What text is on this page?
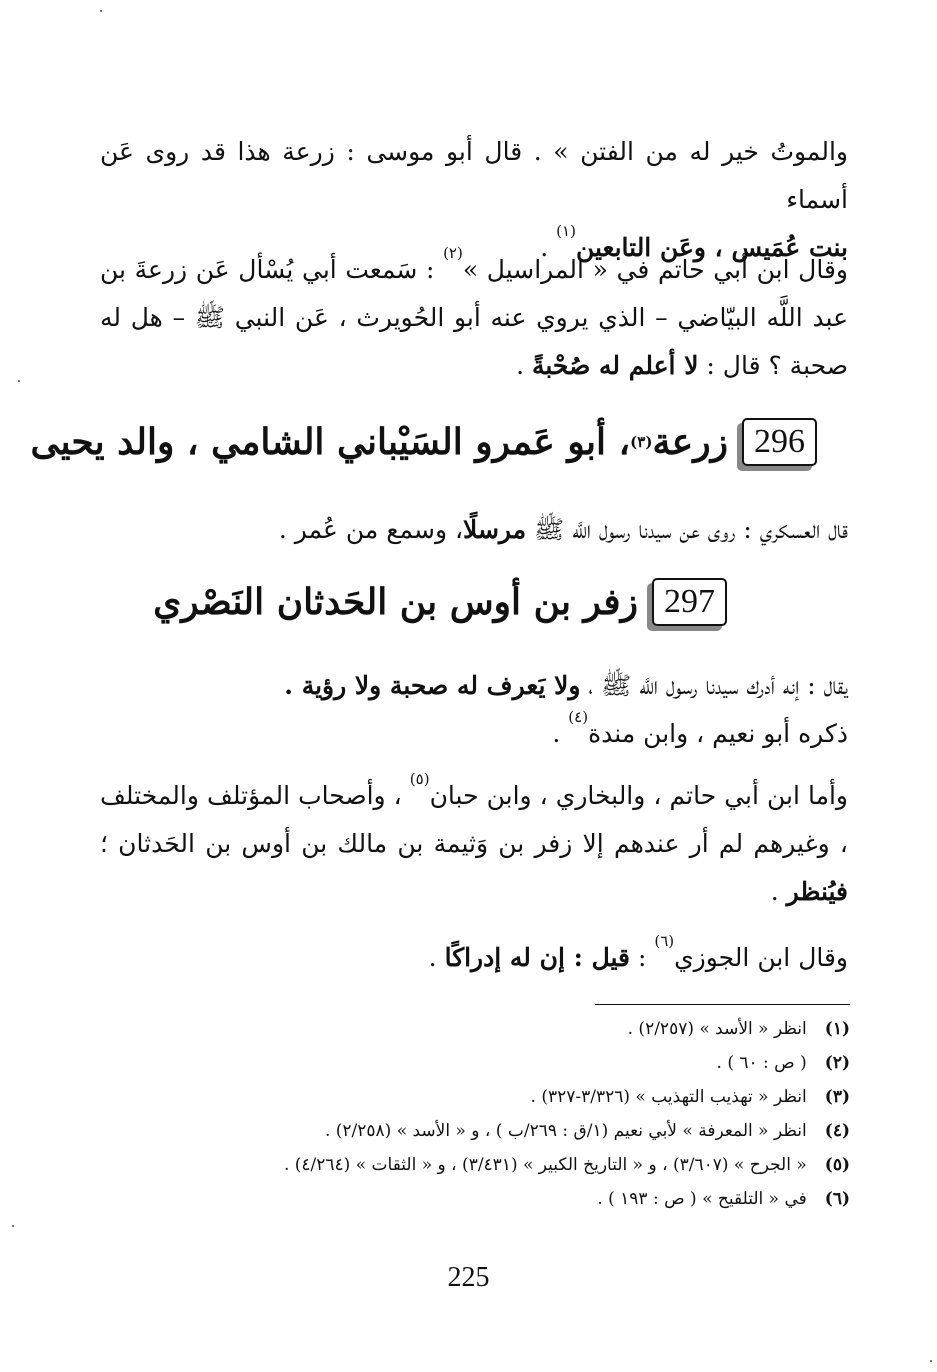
والموتُ خير له من الفتن » . قال أبو موسى : زرعة هذا قد روى عَن أسماء
بنت عُمَيس ، وعَن التابعين$^{(١)}$ .
وقال ابن أبي حاتم في « المراسيل »$^{(٢)}$ : سَمعت أبي يُسْأل عَن زرعةَ بن عبد اللَّه البيّاضي – الذي يروي عنه أبو الحُويرث ، عَن النبي ﷺ – هل له صحبة ؟ قال : لا أعلم له صُحْبةً .
296
زرعة
(٣)
، أبو عَمرو السَيْباني الشامي ، والد يحيى
قال العسكري : روى عن سيدنا رسول اللَّه ﷺ مرسلًا، وسمع من عُمر .
297
زفر بن أوس بن الحَدثان النَصْري
يقال : إنه أدرك سيدنا رسول اللَّه ﷺ ، ولا يَعرف له صحبة ولا رؤية .
ذكره أبو نعيم ، وابن مندة$^{(٤)}$ .
وأما ابن أبي حاتم ، والبخاري ، وابن حبان$^{(٥)}$ ، وأصحاب المؤتلف والمختلف ، وغيرهم لم أر عندهم إلا زفر بن وَثيمة بن مالك بن أوس بن الحَدثان ؛ فيُنظر .
وقال ابن الجوزي$^{(٦)}$ : قيل : إن له إدراكًا .
(١)انظر « الأسد » (٢/٢٥٧) .
(٢)( ص : ٦٠ ) .
(٣)انظر « تهذيب التهذيب » (٣/٣٢٦-٣٢٧) .
(٤)انظر « المعرفة » لأبي نعيم (١/ق : ٢٦٩/ب ) ، و « الأسد » (٢/٢٥٨) .
(٥)« الجرح » (٣/٦٠٧) ، و « التاريخ الكبير » (٣/٤٣١) ، و « الثقات » (٤/٢٦٤) .
(٦)في « التلقيح » ( ص : ١٩٣ ) .
225
